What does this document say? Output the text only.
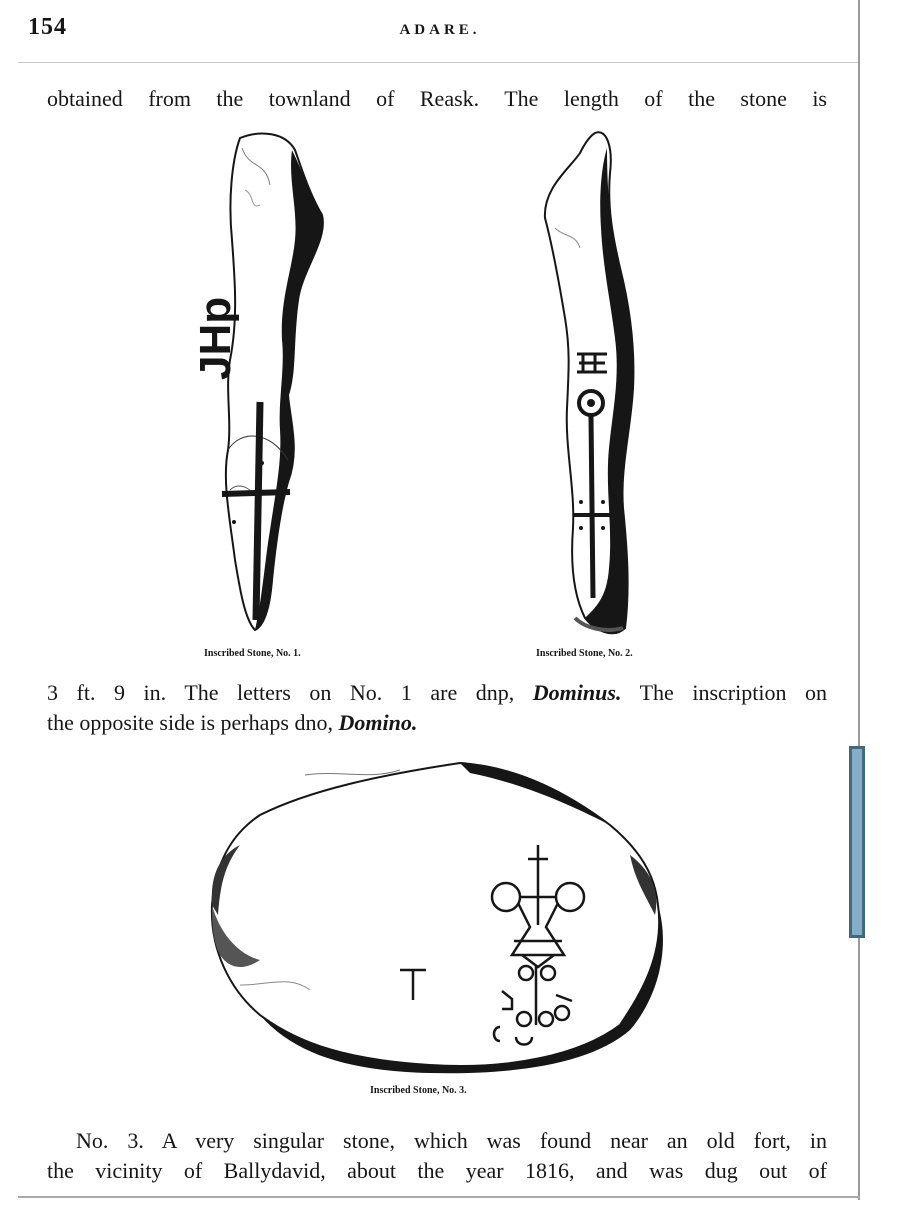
154	ADARE.
obtained from the townland of Reask. The length of the stone is
JHp
Inscribed Stone, No. 1.	Inscribed Stone, No. 2.
3 ft. 9 in. The letters on No. 1 are dnp, Dominus. The inscription on
the opposite side is perhaps dno, Domino.
Inscribed Stone, No. 3.
No. 3. A very singular stone, which was found near an old fort, in
the vicinity of Ballydavid, about the year 1816, and was dug out of
